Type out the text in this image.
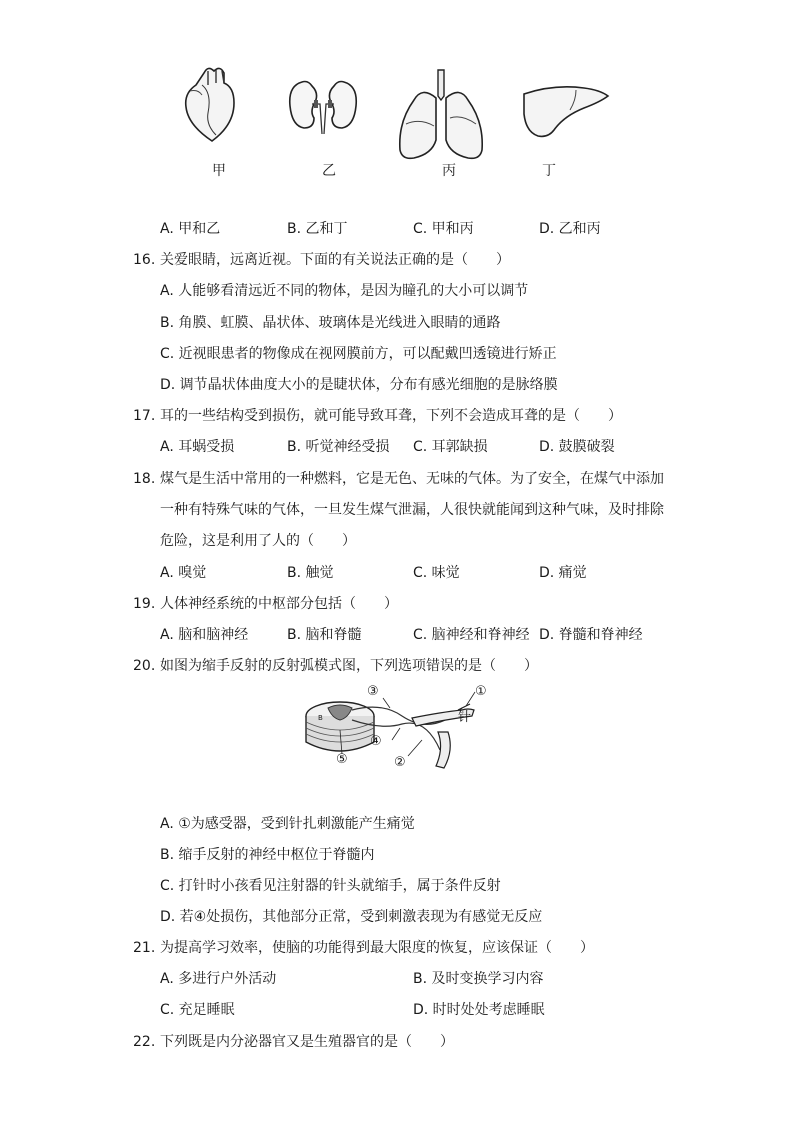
甲	乙	丙	丁
A. 甲和乙	B. 乙和丁	C. 甲和丙	D. 乙和丙
16. 关爱眼睛，远离近视。下面的有关说法正确的是（　　）
A. 人能够看清远近不同的物体，是因为瞳孔的大小可以调节
B. 角膜、虹膜、晶状体、玻璃体是光线进入眼睛的通路
C. 近视眼患者的物像成在视网膜前方，可以配戴凹透镜进行矫正
D. 调节晶状体曲度大小的是睫状体，分布有感光细胞的是脉络膜
17. 耳的一些结构受到损伤，就可能导致耳聋，下列不会造成耳聋的是（　　）
A. 耳蜗受损	B. 听觉神经受损 C. 耳郭缺损	D. 鼓膜破裂
18. 煤气是生活中常用的一种燃料，它是无色、无味的气体。为了安全，在煤气中添加
一种有特殊气味的气体，一旦发生煤气泄漏，人很快就能闻到这种气味，及时排除
危险，这是利用了人的（　　）
A. 嗅觉	B. 触觉	C. 味觉	D. 痛觉
19. 人体神经系统的中枢部分包括（　　）
A. 脑和脑神经	B. 脑和脊髓	C. 脑神经和脊神经 D. 脊髓和脊神经
20. 如图为缩手反射的反射弧模式图，下列选项错误的是（　　）
B
③	①
针
④
②
⑤
A. ①为感受器，受到针扎刺激能产生痛觉
B. 缩手反射的神经中枢位于脊髓内
C. 打针时小孩看见注射器的针头就缩手，属于条件反射
D. 若④处损伤，其他部分正常，受到刺激表现为有感觉无反应
21. 为提高学习效率，使脑的功能得到最大限度的恢复，应该保证（　　）
A. 多进行户外活动	B. 及时变换学习内容
C. 充足睡眠	D. 时时处处考虑睡眠
22. 下列既是内分泌器官又是生殖器官的是（　　）
